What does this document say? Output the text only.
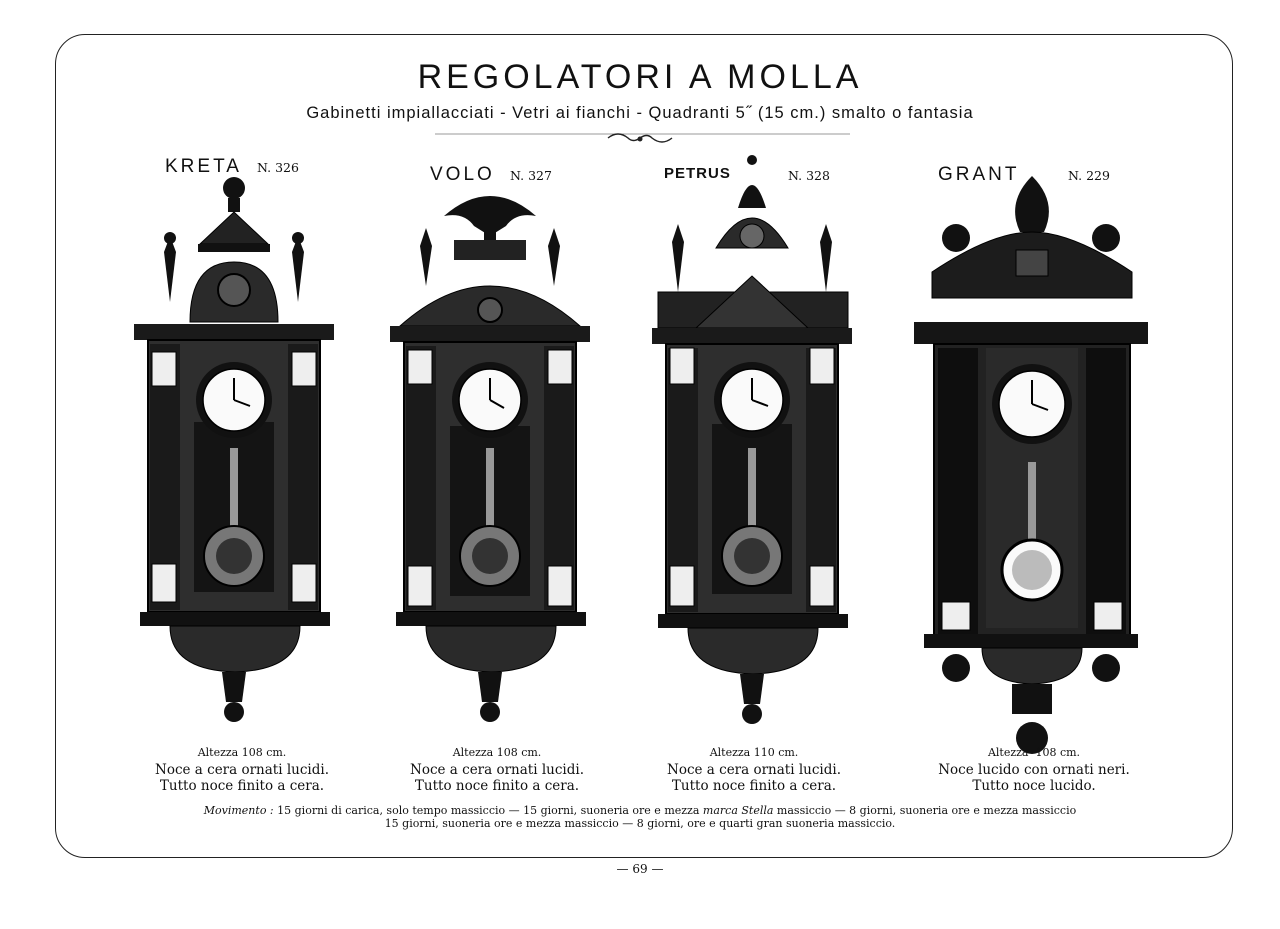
REGOLATORI A MOLLA
Gabinetti impiallacciati - Vetri ai fianchi - Quadranti 5˝ (15 cm.) smalto o fantasia
KRETA N. 326	VOLO N. 327	PETRUS	N. 328	GRANT	N. 229
Altezza 108 cm.
Noce a cera ornati lucidi.
Tutto noce finito a cera.
Altezza 108 cm.
Noce a cera ornati lucidi.
Tutto noce finito a cera.
Altezza 110 cm.
Noce a cera ornati lucidi.
Tutto noce finito a cera.
Altezza  108 cm.
Noce lucido con ornati neri.
Tutto noce lucido.
Movimento : 15 giorni di carica, solo tempo massiccio — 15 giorni, suoneria ore e mezza marca Stella massiccio — 8 giorni, suoneria ore e mezza massiccio
15 giorni, suoneria ore e mezza massiccio — 8 giorni, ore e quarti gran suoneria massiccio.
— 69 —
